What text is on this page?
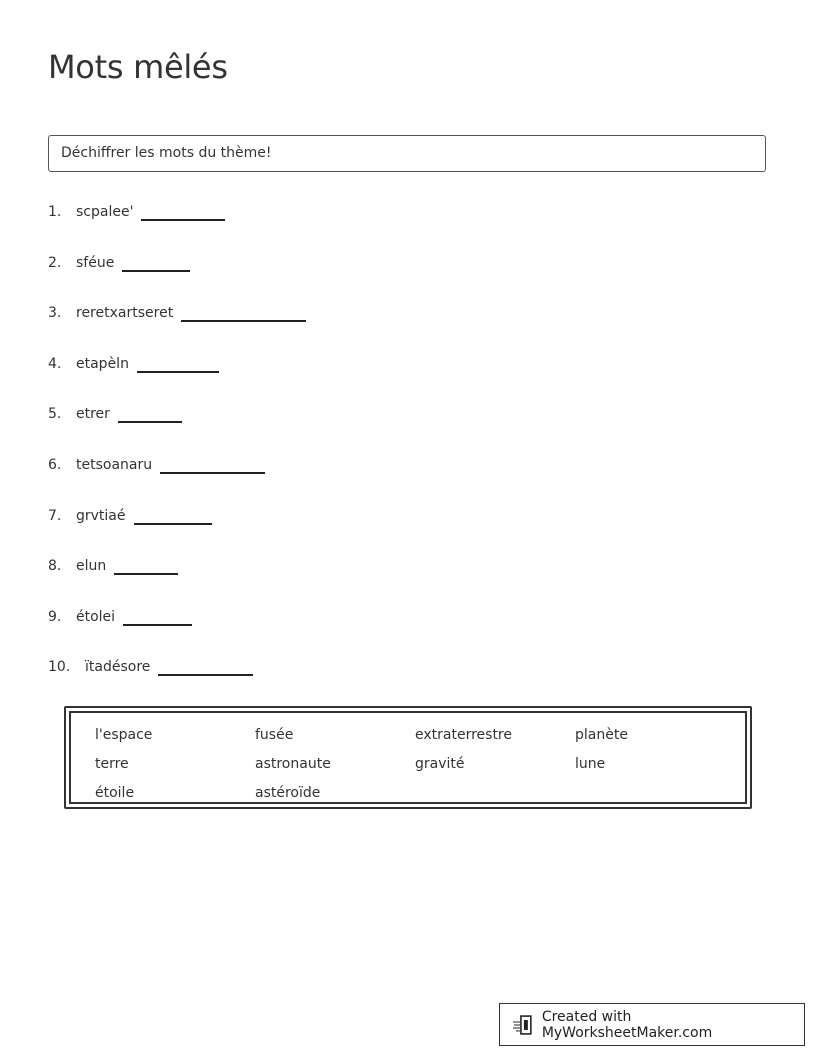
Mots mêlés
Déchiffrer les mots du thème!
1.	scpalee'
2.	sféue
3.	reretxartseret
4.	etapèln
5.	etrer
6.	tetsoanaru
7.	grvtiaé
8.	elun
9.	étolei
10.	ïtadésore
l'espace	fusée	extraterrestre	planète
terre	astronaute	gravité	lune
étoile	astéroïde
Created with MyWorksheetMaker.com
